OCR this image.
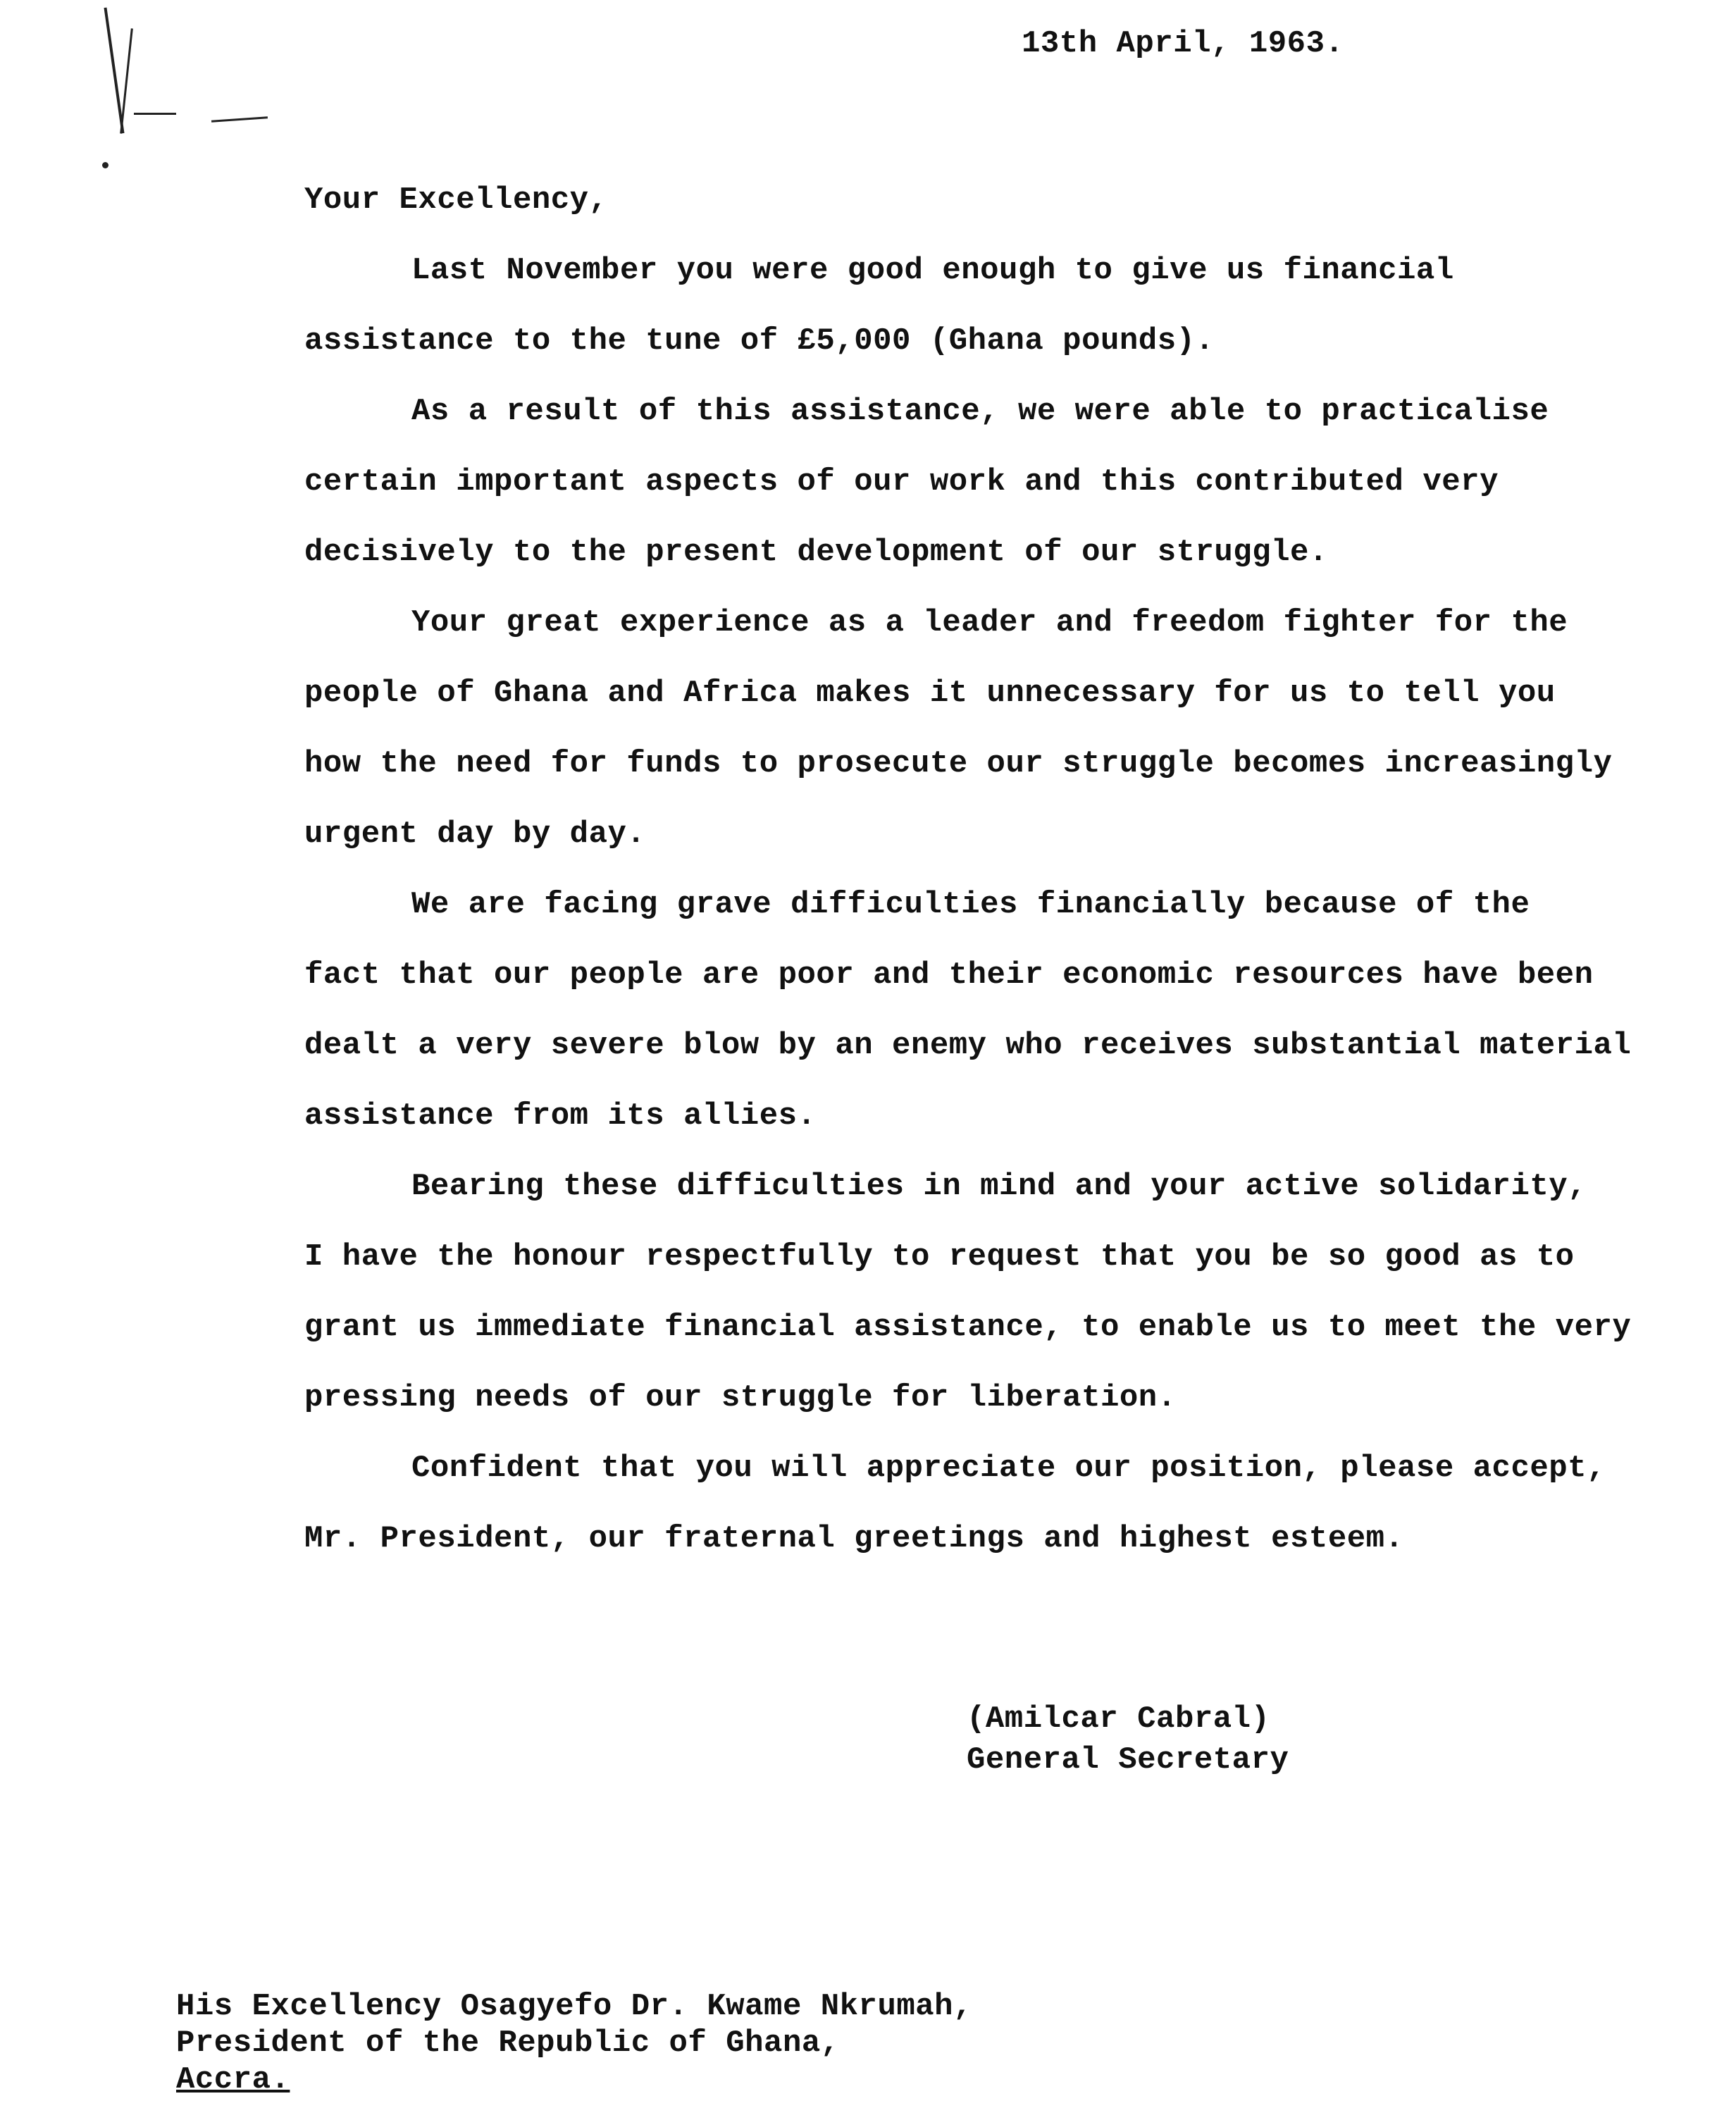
13th April, 1963.
Your Excellency,
Last November you were good enough to give us financial
assistance to the tune of £5,000 (Ghana pounds).
As a result of this assistance, we were able to practicalise
certain important aspects of our work and this contributed very
decisively to the present development of our struggle.
Your great experience as a leader and freedom fighter for the
people of Ghana and Africa makes it unnecessary for us to tell you
how the need for funds to prosecute our struggle becomes increasingly
urgent day by day.
We are facing grave difficulties financially because of the
fact that our people are poor and their economic resources have been
dealt a very severe blow by an enemy who receives substantial material
assistance from its allies.
Bearing these difficulties in mind and your active solidarity,
I have the honour respectfully to request that you be so good as to
grant us immediate financial assistance, to enable us to meet the very
pressing needs of our struggle for liberation.
Confident that you will appreciate our position, please accept,
Mr. President, our fraternal greetings and highest esteem.
(Amilcar Cabral)
General Secretary
His Excellency Osagyefo Dr. Kwame Nkrumah,
President of the Republic of Ghana,
Accra.
